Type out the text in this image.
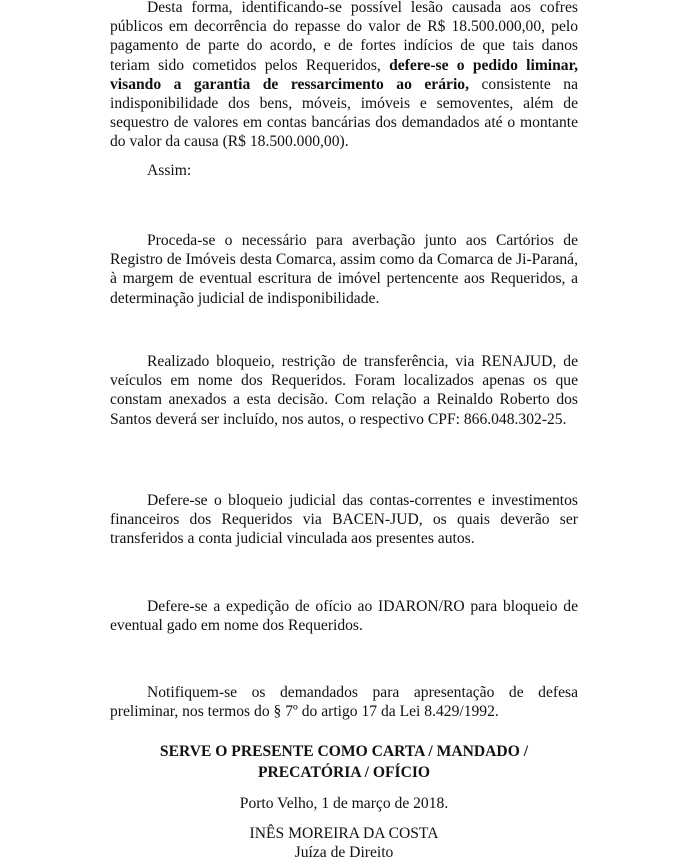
Desta forma, identificando-se possível lesão causada aos cofres públicos em decorrência do repasse do valor de R$ 18.500.000,00, pelo pagamento de parte do acordo, e de fortes indícios de que tais danos teriam sido cometidos pelos Requeridos, defere-se o pedido liminar, visando a garantia de ressarcimento ao erário, consistente na indisponibilidade dos bens, móveis, imóveis e semoventes, além de sequestro de valores em contas bancárias dos demandados até o montante do valor da causa (R$ 18.500.000,00).

Assim:

Proceda-se o necessário para averbação junto aos Cartórios de Registro de Imóveis desta Comarca, assim como da Comarca de Ji-Paraná, à margem de eventual escritura de imóvel pertencente aos Requeridos, a determinação judicial de indisponibilidade.

Realizado bloqueio, restrição de transferência, via RENAJUD, de veículos em nome dos Requeridos. Foram localizados apenas os que constam anexados a esta decisão. Com relação a Reinaldo Roberto dos Santos deverá ser incluído, nos autos, o respectivo CPF: 866.048.302-25.

Defere-se o bloqueio judicial das contas-correntes e investimentos financeiros dos Requeridos via BACEN-JUD, os quais deverão ser transferidos a conta judicial vinculada aos presentes autos.

Defere-se a expedição de ofício ao IDARON/RO para bloqueio de eventual gado em nome dos Requeridos.

Notifiquem-se os demandados para apresentação de defesa preliminar, nos termos do § 7º do artigo 17 da Lei 8.429/1992.

SERVE O PRESENTE COMO CARTA / MANDADO /
PRECATÓRIA / OFÍCIO
Porto Velho, 1 de março de 2018.
INÊS MOREIRA DA COSTA
Juíza de Direito
